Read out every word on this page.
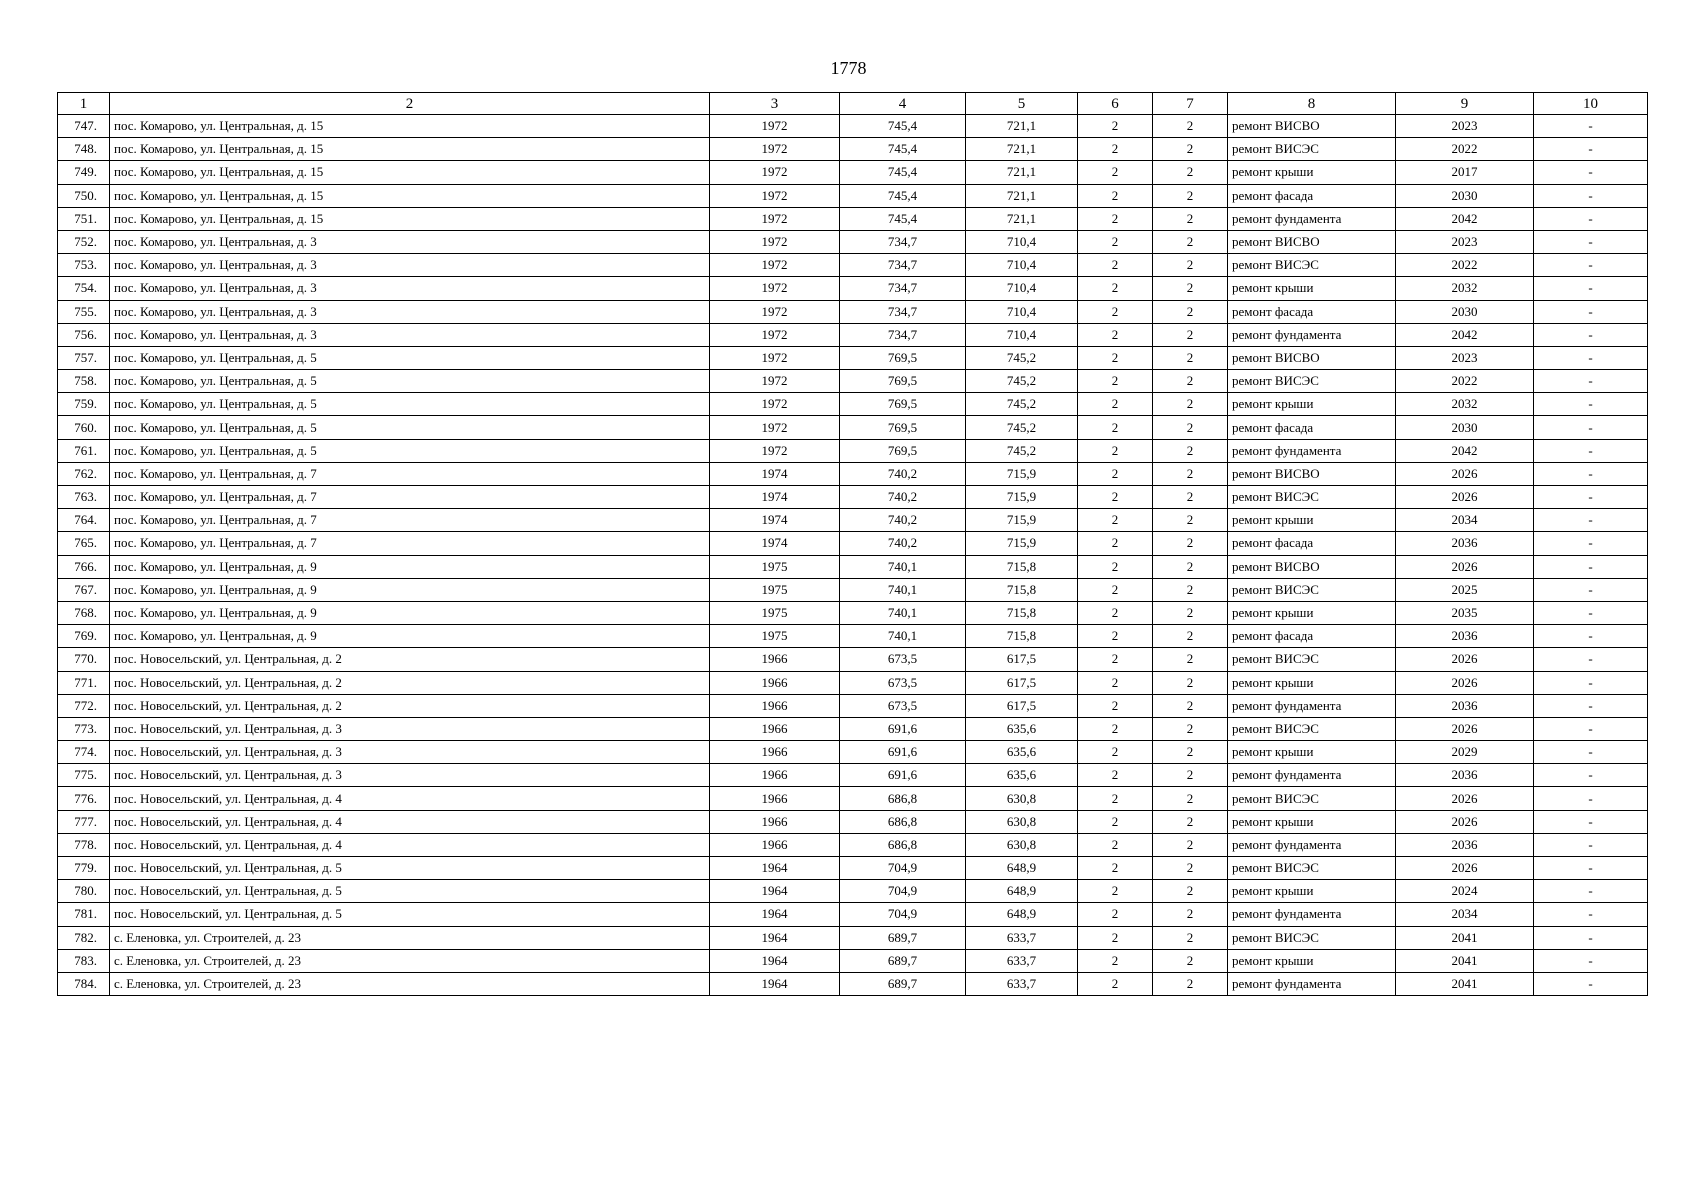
1778
1	2	3	4	5	6	7	8	9	10
747.	пос. Комарово, ул. Центральная, д. 15	1972	745,4	721,1	2	2	ремонт ВИСВО	2023	-
748.	пос. Комарово, ул. Центральная, д. 15	1972	745,4	721,1	2	2	ремонт ВИСЭС	2022	-
749.	пос. Комарово, ул. Центральная, д. 15	1972	745,4	721,1	2	2	ремонт крыши	2017	-
750.	пос. Комарово, ул. Центральная, д. 15	1972	745,4	721,1	2	2	ремонт фасада	2030	-
751.	пос. Комарово, ул. Центральная, д. 15	1972	745,4	721,1	2	2	ремонт фундамента	2042	-
752.	пос. Комарово, ул. Центральная, д. 3	1972	734,7	710,4	2	2	ремонт ВИСВО	2023	-
753.	пос. Комарово, ул. Центральная, д. 3	1972	734,7	710,4	2	2	ремонт ВИСЭС	2022	-
754.	пос. Комарово, ул. Центральная, д. 3	1972	734,7	710,4	2	2	ремонт крыши	2032	-
755.	пос. Комарово, ул. Центральная, д. 3	1972	734,7	710,4	2	2	ремонт фасада	2030	-
756.	пос. Комарово, ул. Центральная, д. 3	1972	734,7	710,4	2	2	ремонт фундамента	2042	-
757.	пос. Комарово, ул. Центральная, д. 5	1972	769,5	745,2	2	2	ремонт ВИСВО	2023	-
758.	пос. Комарово, ул. Центральная, д. 5	1972	769,5	745,2	2	2	ремонт ВИСЭС	2022	-
759.	пос. Комарово, ул. Центральная, д. 5	1972	769,5	745,2	2	2	ремонт крыши	2032	-
760.	пос. Комарово, ул. Центральная, д. 5	1972	769,5	745,2	2	2	ремонт фасада	2030	-
761.	пос. Комарово, ул. Центральная, д. 5	1972	769,5	745,2	2	2	ремонт фундамента	2042	-
762.	пос. Комарово, ул. Центральная, д. 7	1974	740,2	715,9	2	2	ремонт ВИСВО	2026	-
763.	пос. Комарово, ул. Центральная, д. 7	1974	740,2	715,9	2	2	ремонт ВИСЭС	2026	-
764.	пос. Комарово, ул. Центральная, д. 7	1974	740,2	715,9	2	2	ремонт крыши	2034	-
765.	пос. Комарово, ул. Центральная, д. 7	1974	740,2	715,9	2	2	ремонт фасада	2036	-
766.	пос. Комарово, ул. Центральная, д. 9	1975	740,1	715,8	2	2	ремонт ВИСВО	2026	-
767.	пос. Комарово, ул. Центральная, д. 9	1975	740,1	715,8	2	2	ремонт ВИСЭС	2025	-
768.	пос. Комарово, ул. Центральная, д. 9	1975	740,1	715,8	2	2	ремонт крыши	2035	-
769.	пос. Комарово, ул. Центральная, д. 9	1975	740,1	715,8	2	2	ремонт фасада	2036	-
770.	пос. Новосельский, ул. Центральная, д. 2	1966	673,5	617,5	2	2	ремонт ВИСЭС	2026	-
771.	пос. Новосельский, ул. Центральная, д. 2	1966	673,5	617,5	2	2	ремонт крыши	2026	-
772.	пос. Новосельский, ул. Центральная, д. 2	1966	673,5	617,5	2	2	ремонт фундамента	2036	-
773.	пос. Новосельский, ул. Центральная, д. 3	1966	691,6	635,6	2	2	ремонт ВИСЭС	2026	-
774.	пос. Новосельский, ул. Центральная, д. 3	1966	691,6	635,6	2	2	ремонт крыши	2029	-
775.	пос. Новосельский, ул. Центральная, д. 3	1966	691,6	635,6	2	2	ремонт фундамента	2036	-
776.	пос. Новосельский, ул. Центральная, д. 4	1966	686,8	630,8	2	2	ремонт ВИСЭС	2026	-
777.	пос. Новосельский, ул. Центральная, д. 4	1966	686,8	630,8	2	2	ремонт крыши	2026	-
778.	пос. Новосельский, ул. Центральная, д. 4	1966	686,8	630,8	2	2	ремонт фундамента	2036	-
779.	пос. Новосельский, ул. Центральная, д. 5	1964	704,9	648,9	2	2	ремонт ВИСЭС	2026	-
780.	пос. Новосельский, ул. Центральная, д. 5	1964	704,9	648,9	2	2	ремонт крыши	2024	-
781.	пос. Новосельский, ул. Центральная, д. 5	1964	704,9	648,9	2	2	ремонт фундамента	2034	-
782.	с. Еленовка, ул. Строителей, д. 23	1964	689,7	633,7	2	2	ремонт ВИСЭС	2041	-
783.	с. Еленовка, ул. Строителей, д. 23	1964	689,7	633,7	2	2	ремонт крыши	2041	-
784.	с. Еленовка, ул. Строителей, д. 23	1964	689,7	633,7	2	2	ремонт фундамента	2041	-
